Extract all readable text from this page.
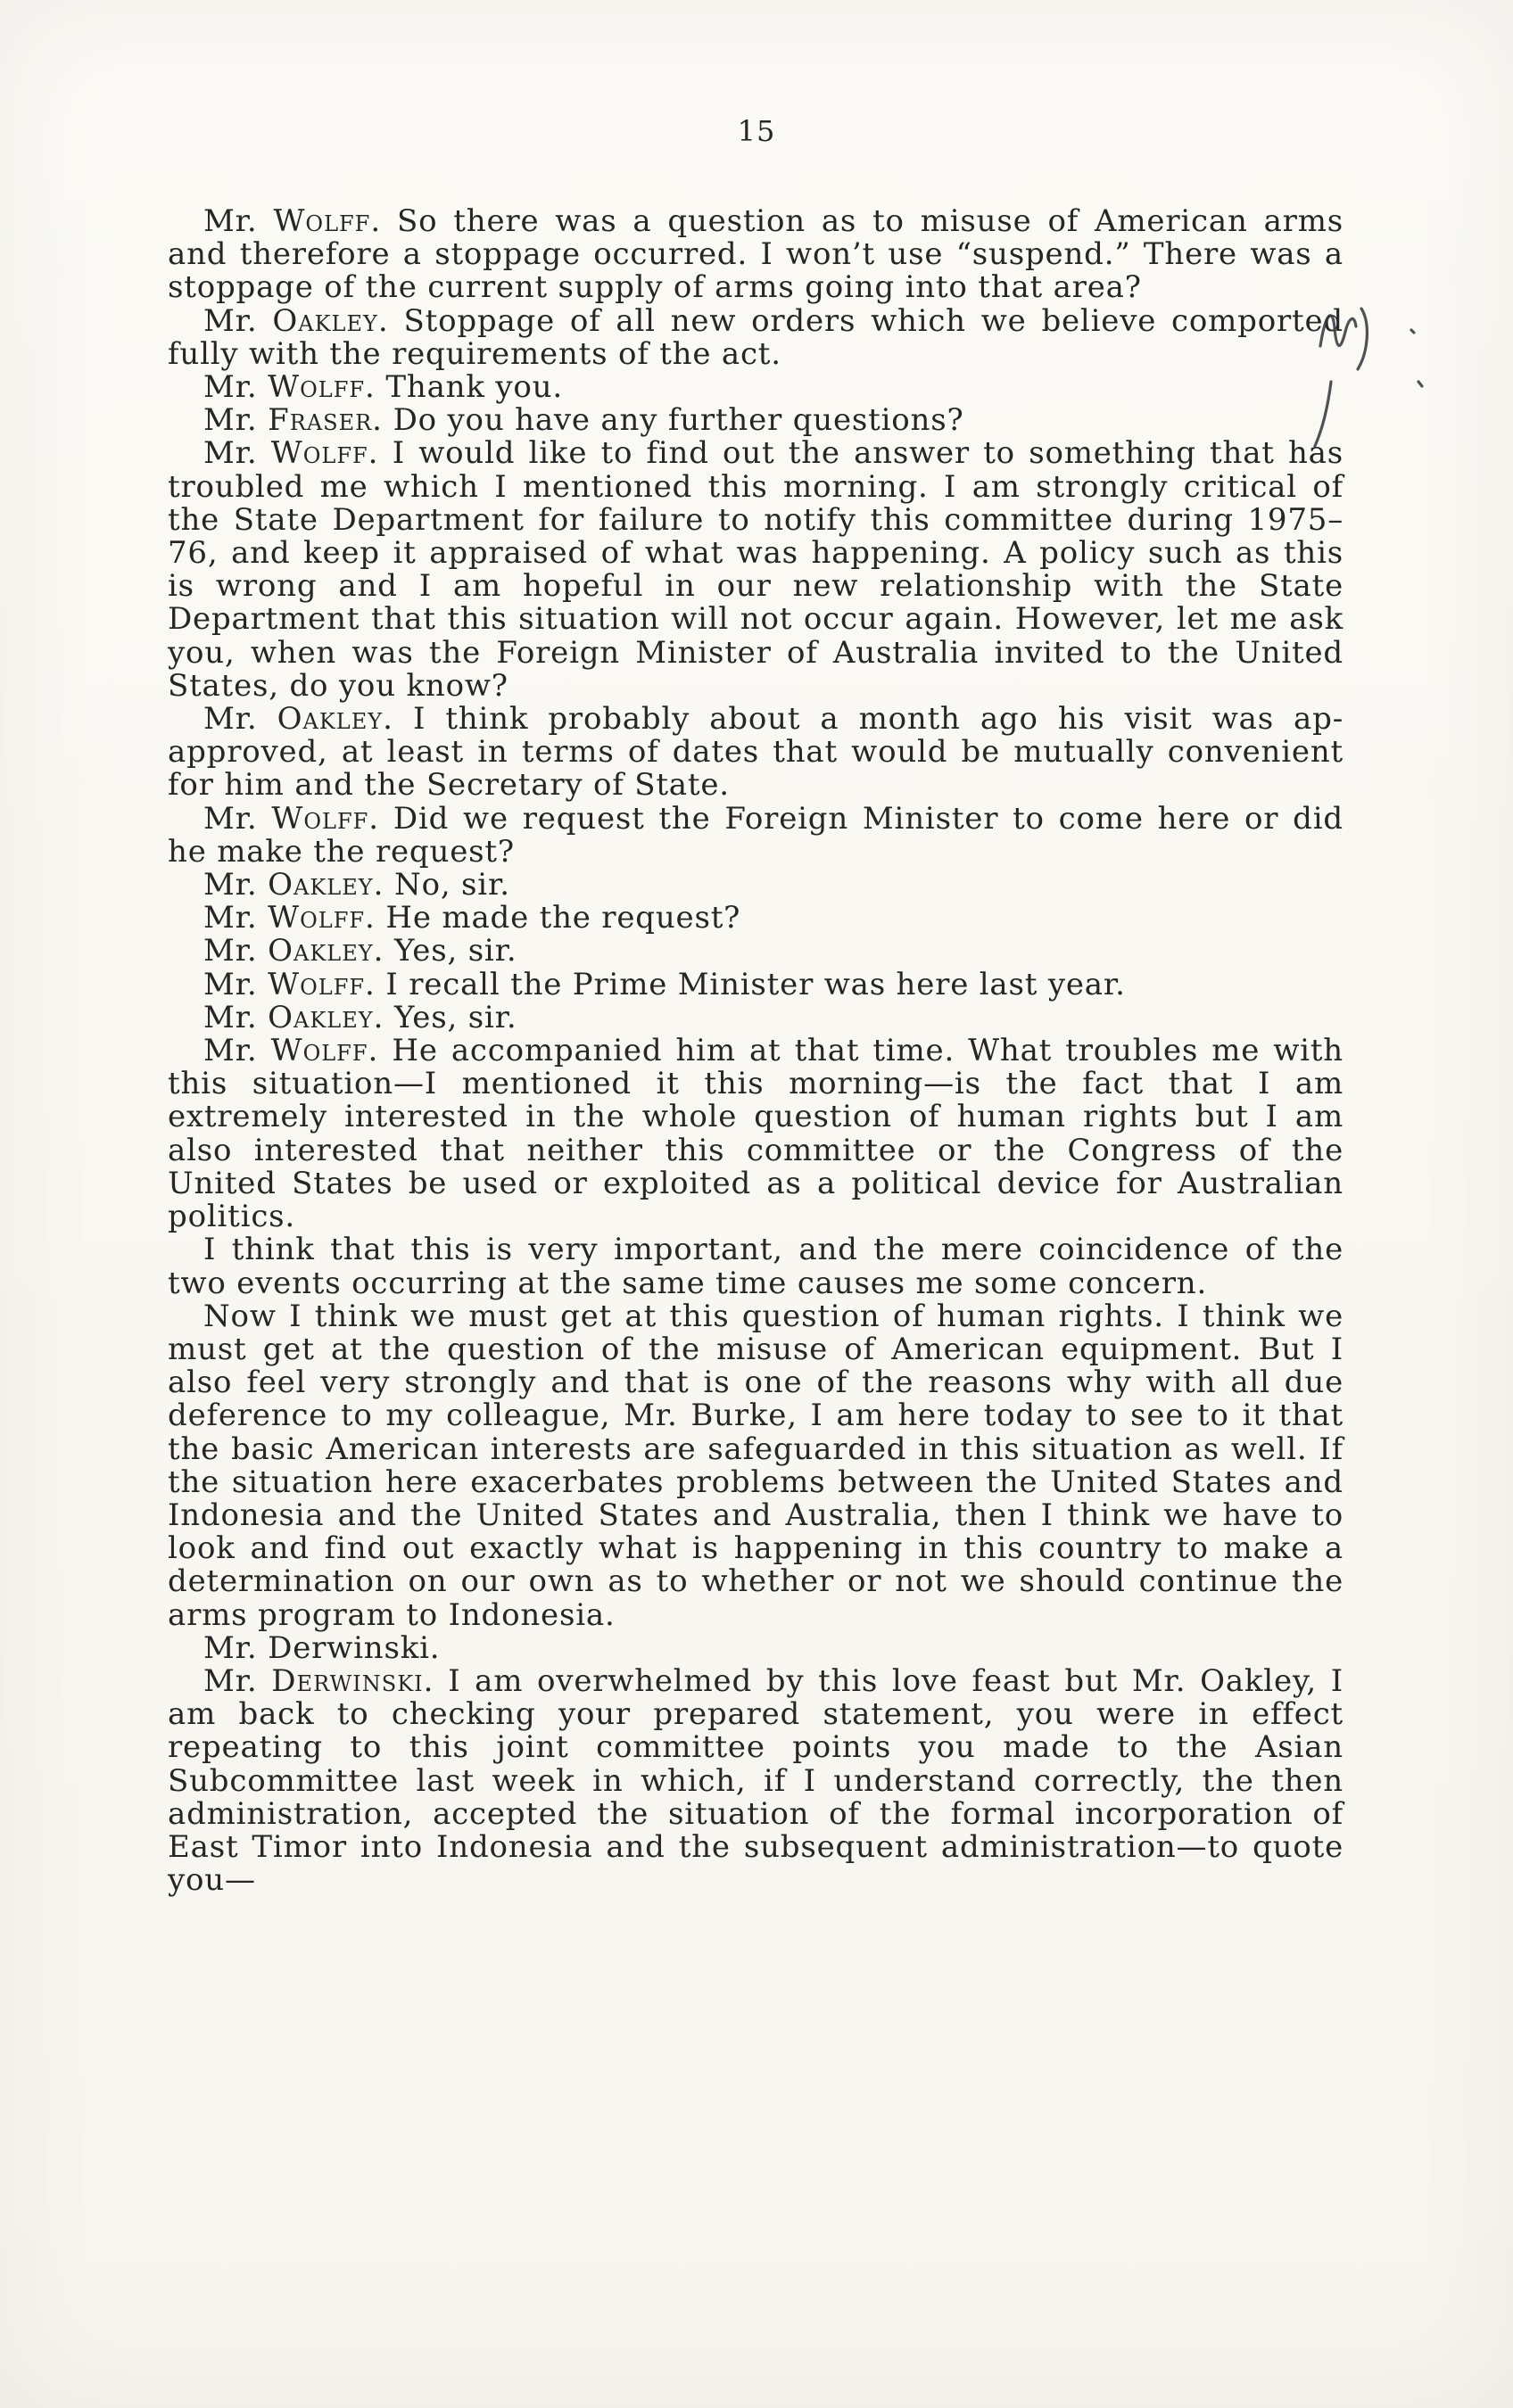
15

Mr. Wolff. So there was a question as to misuse of American arms and therefore a stoppage occurred. I won’t use “suspend.” There was a stoppage of the current supply of arms going into that area?

Mr. Oakley. Stoppage of all new orders which we believe comported fully with the requirements of the act.

Mr. Wolff. Thank you.

Mr. Fraser. Do you have any further questions?

Mr. Wolff. I would like to find out the answer to something that has troubled me which I mentioned this morning. I am strongly critical of the State Department for failure to notify this committee during 1975–76, and keep it appraised of what was happening. A policy such as this is wrong and I am hopeful in our new relationship with the State Department that this situation will not occur again. However, let me ask you, when was the Foreign Minister of Australia invited to the United States, do you know?

Mr. Oakley. I think probably about a month ago his visit was ap-approved, at least in terms of dates that would be mutually convenient for him and the Secretary of State.

Mr. Wolff. Did we request the Foreign Minister to come here or did he make the request?

Mr. Oakley. No, sir.

Mr. Wolff. He made the request?

Mr. Oakley. Yes, sir.

Mr. Wolff. I recall the Prime Minister was here last year.

Mr. Oakley. Yes, sir.

Mr. Wolff. He accompanied him at that time. What troubles me with this situation—I mentioned it this morning—is the fact that I am extremely interested in the whole question of human rights but I am also interested that neither this committee or the Congress of the United States be used or exploited as a political device for Australian politics.

I think that this is very important, and the mere coincidence of the two events occurring at the same time causes me some concern.

Now I think we must get at this question of human rights. I think we must get at the question of the misuse of American equipment. But I also feel very strongly and that is one of the reasons why with all due deference to my colleague, Mr. Burke, I am here today to see to it that the basic American interests are safeguarded in this situation as well. If the situation here exacerbates problems between the United States and Indonesia and the United States and Australia, then I think we have to look and find out exactly what is happening in this country to make a determination on our own as to whether or not we should continue the arms program to Indonesia.

Mr. Derwinski.

Mr. Derwinski. I am overwhelmed by this love feast but Mr. Oakley, I am back to checking your prepared statement, you were in effect repeating to this joint committee points you made to the Asian Subcommittee last week in which, if I understand correctly, the then administration, accepted the situation of the formal incorporation of East Timor into Indonesia and the subsequent administration—to quote you—
